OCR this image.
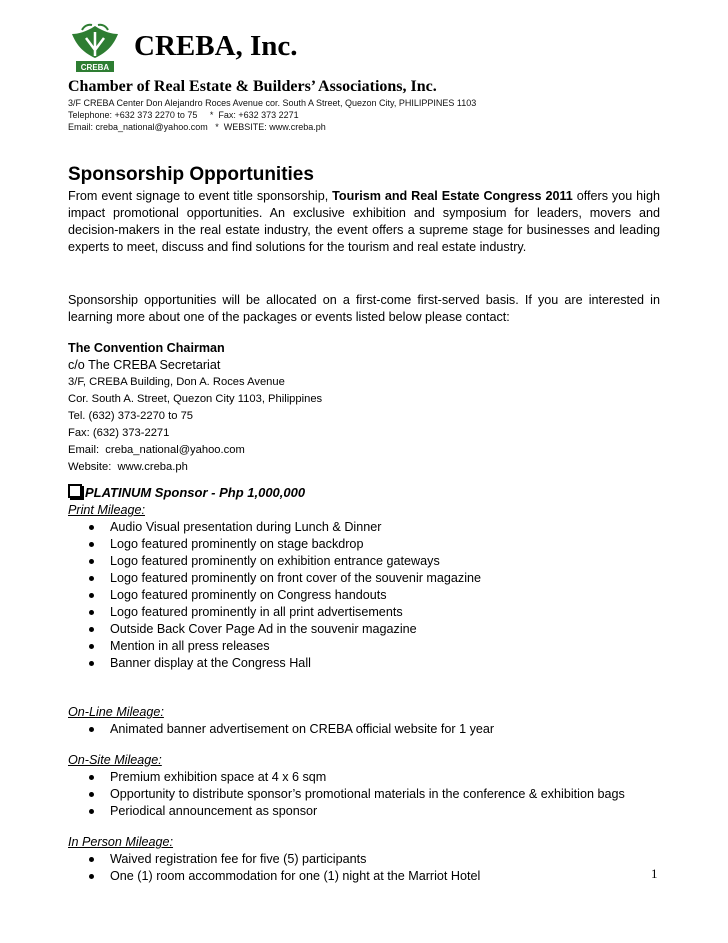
CREBA
CREBA, Inc.
Chamber of Real Estate & Builders’ Associations, Inc.
3/F CREBA Center Don Alejandro Roces Avenue cor. South A Street, Quezon City, PHILIPPINES 1103
Telephone: +632 373 2270 to 75     *  Fax: +632 373 2271
Email: creba_national@yahoo.com   *  WEBSITE: www.creba.ph
Sponsorship Opportunities

From event signage to event title sponsorship, Tourism and Real Estate Congress 2011 offers you high impact promotional opportunities. An exclusive exhibition and symposium for leaders, movers and decision-makers in the real estate industry, the event offers a supreme stage for businesses and leading experts to meet, discuss and find solutions for the tourism and real estate industry.

Sponsorship opportunities will be allocated on a first-come first-served basis. If you are interested in learning more about one of the packages or events listed below please contact:

The Convention Chairman
c/o The CREBA Secretariat
3/F, CREBA Building, Don A. Roces Avenue
Cor. South A. Street, Quezon City 1103, Philippines
Tel. (632) 373-2270 to 75
Fax: (632) 373-2271
Email:  creba_national@yahoo.com
Website:  www.creba.ph
PLATINUM Sponsor - Php 1,000,000
Print Mileage:
Audio Visual presentation during Lunch & Dinner
Logo featured prominently on stage backdrop
Logo featured prominently on exhibition entrance gateways
Logo featured prominently on front cover of the souvenir magazine
Logo featured prominently on Congress handouts
Logo featured prominently in all print advertisements
Outside Back Cover Page Ad in the souvenir magazine
Mention in all press releases
Banner display at the Congress Hall
On-Line Mileage:
Animated banner advertisement on CREBA official website for 1 year
On-Site Mileage:
Premium exhibition space at 4 x 6 sqm
Opportunity to distribute sponsor’s promotional materials in the conference & exhibition bags
Periodical announcement as sponsor
In Person Mileage:
Waived registration fee for five (5) participants
One (1) room accommodation for one (1) night at the Marriot Hotel	1
